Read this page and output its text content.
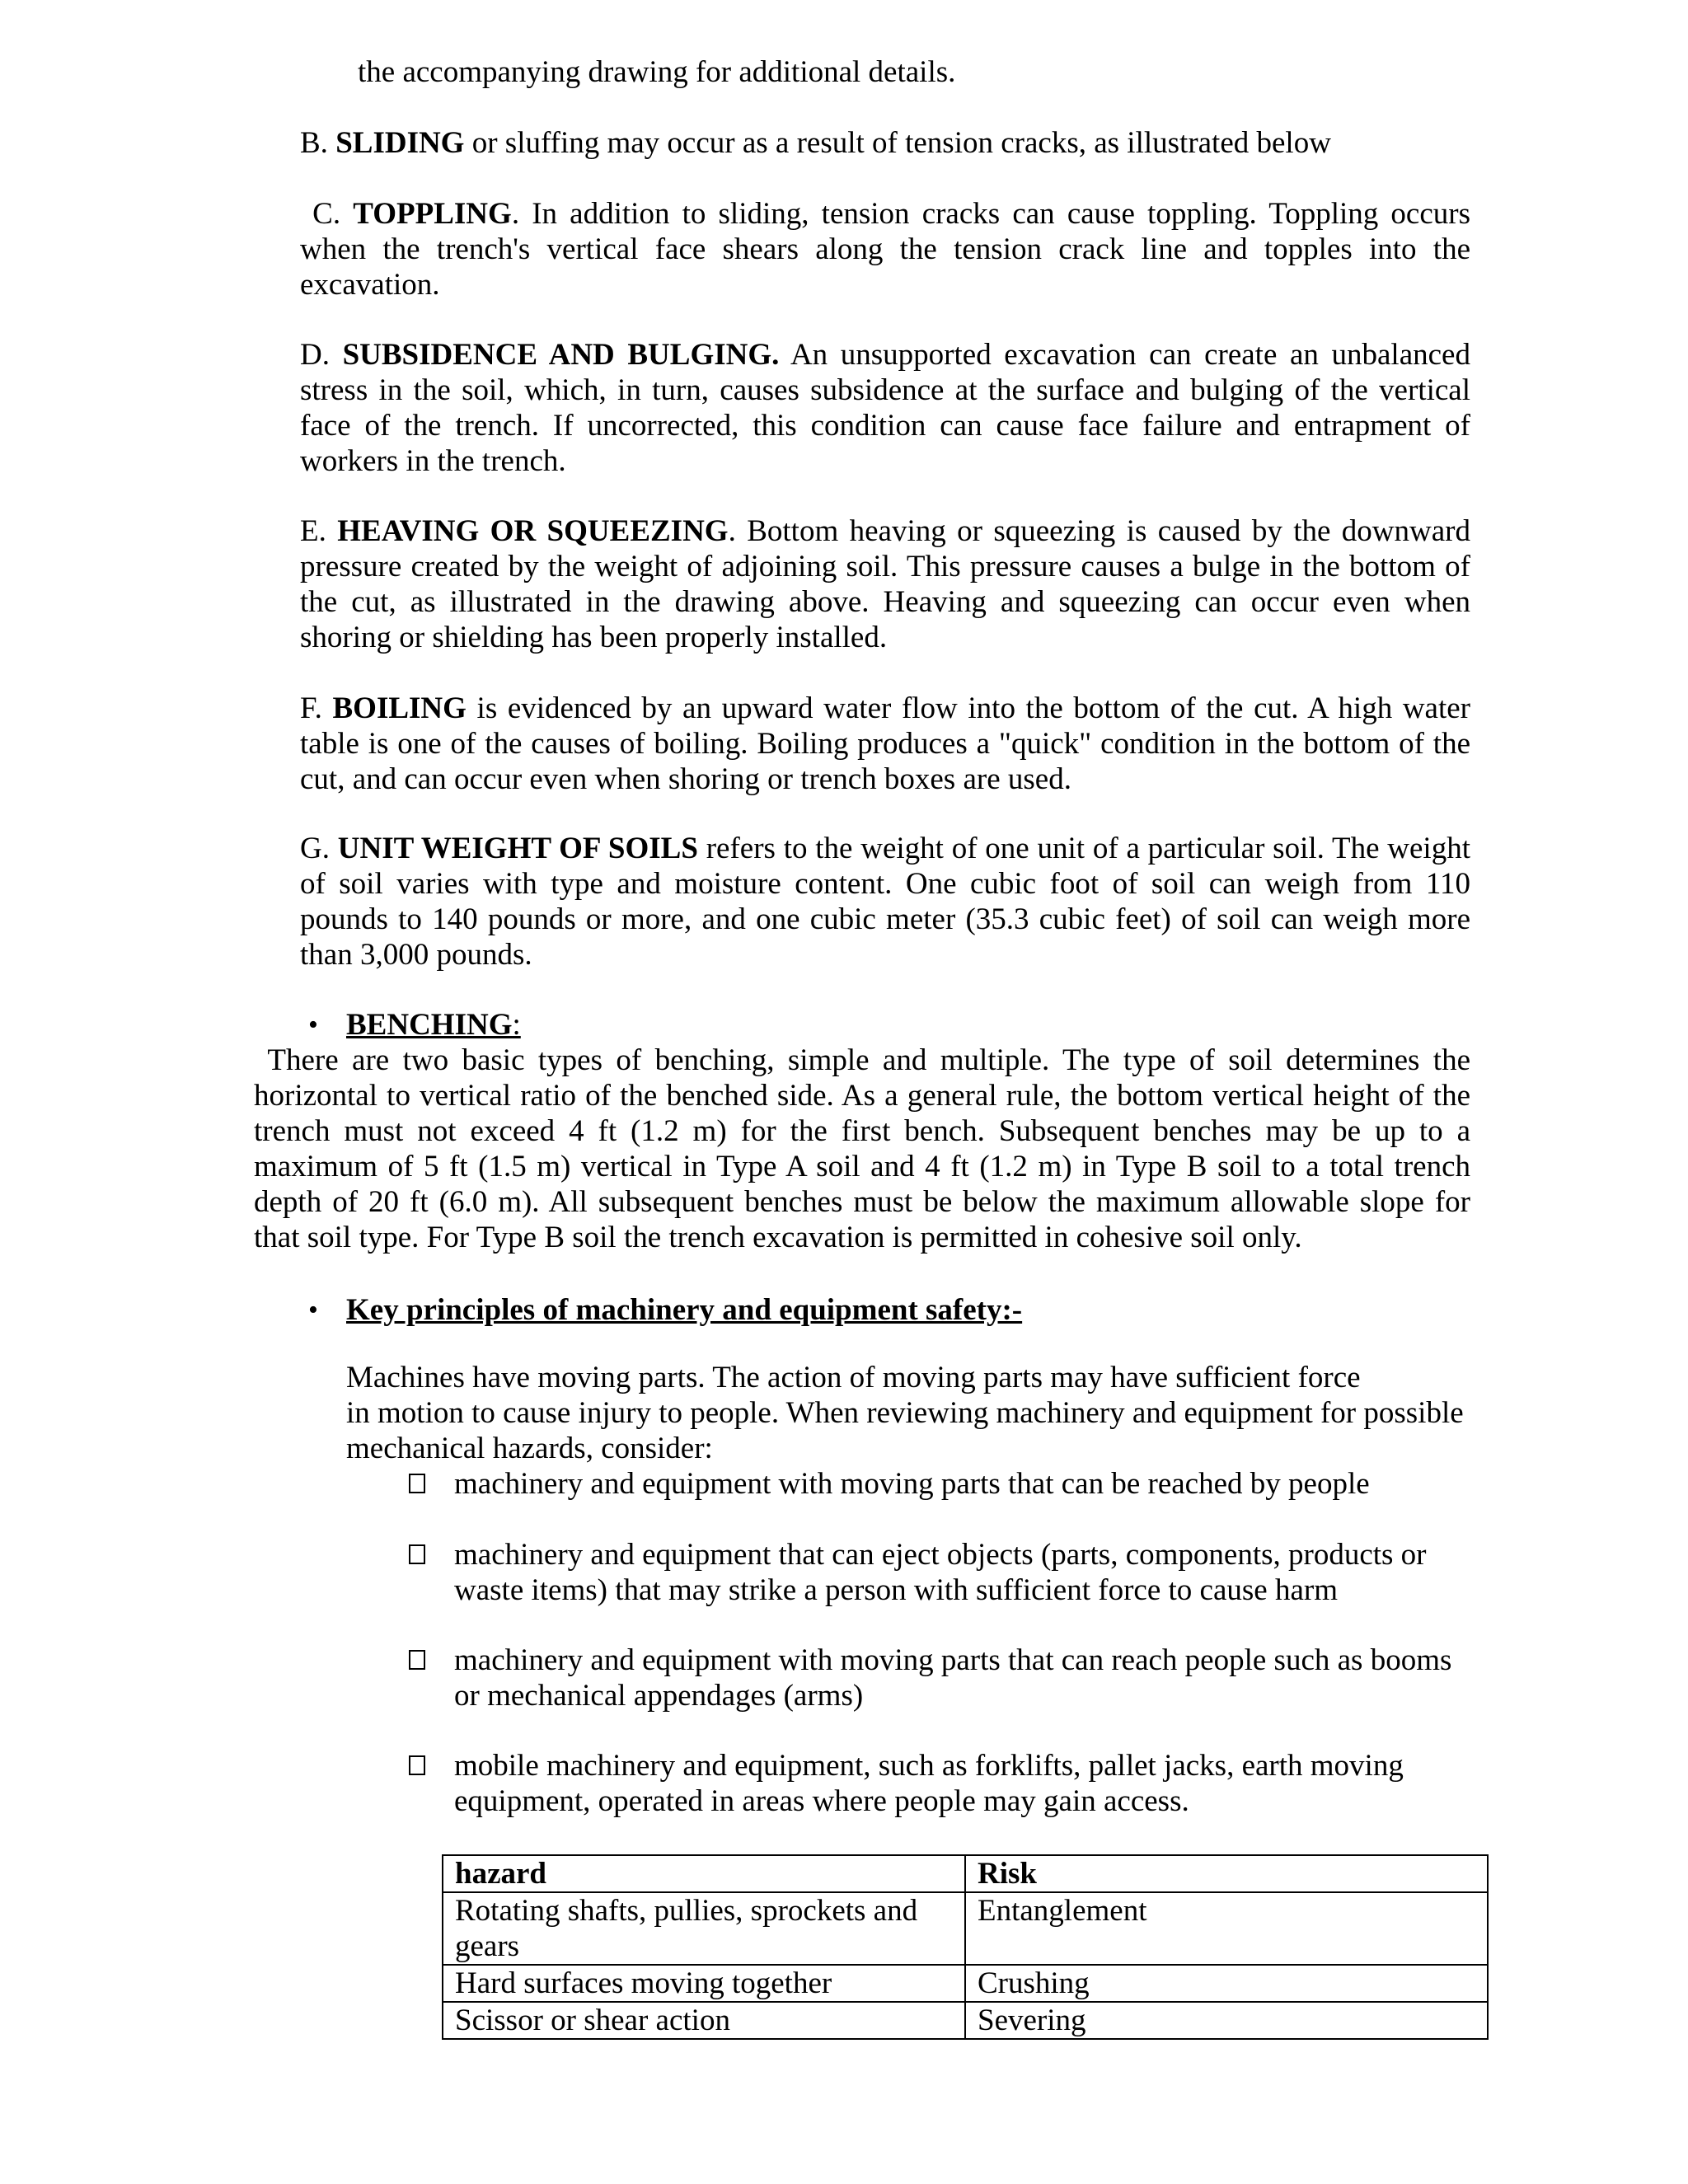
the accompanying drawing for additional details.

B. SLIDING or sluffing may occur as a result of tension cracks, as illustrated below

C. TOPPLING. In addition to sliding, tension cracks can cause toppling. Toppling occurs when the trench's vertical face shears along the tension crack line and topples into the excavation.

D. SUBSIDENCE AND BULGING. An unsupported excavation can create an unbalanced stress in the soil, which, in turn, causes subsidence at the surface and bulging of the vertical face of the trench. If uncorrected, this condition can cause face failure and entrapment of workers in the trench.

E. HEAVING OR SQUEEZING. Bottom heaving or squeezing is caused by the downward pressure created by the weight of adjoining soil. This pressure causes a bulge in the bottom of the cut, as illustrated in the drawing above. Heaving and squeezing can occur even when shoring or shielding has been properly installed.

F. BOILING is evidenced by an upward water flow into the bottom of the cut. A high water table is one of the causes of boiling. Boiling produces a "quick" condition in the bottom of the cut, and can occur even when shoring or trench boxes are used.

G. UNIT WEIGHT OF SOILS refers to the weight of one unit of a particular soil. The weight of soil varies with type and moisture content. One cubic foot of soil can weigh from 110 pounds to 140 pounds or more, and one cubic meter (35.3 cubic feet) of soil can weigh more than 3,000 pounds.

• BENCHING:

There are two basic types of benching, simple and multiple. The type of soil determines the horizontal to vertical ratio of the benched side. As a general rule, the bottom vertical height of the trench must not exceed 4 ft (1.2 m) for the first bench. Subsequent benches may be up to a maximum of 5 ft (1.5 m) vertical in Type A soil and 4 ft (1.2 m) in Type B soil to a total trench depth of 20 ft (6.0 m). All subsequent benches must be below the maximum allowable slope for that soil type. For Type B soil the trench excavation is permitted in cohesive soil only.

• Key principles of machinery and equipment safety:-
Machines have moving parts. The action of moving parts may have sufficient force
in motion to cause injury to people. When reviewing machinery and equipment for possible
mechanical hazards, consider:
machinery and equipment with moving parts that can be reached by people
machinery and equipment that can eject objects (parts, components, products or waste items) that may strike a person with sufficient force to cause harm
machinery and equipment with moving parts that can reach people such as booms or mechanical appendages (arms)
mobile machinery and equipment, such as forklifts, pallet jacks, earth moving equipment, operated in areas where people may gain access.
hazard	Risk
Rotating shafts, pullies, sprockets and gears	Entanglement
Hard surfaces moving together	Crushing
Scissor or shear action	Severing
